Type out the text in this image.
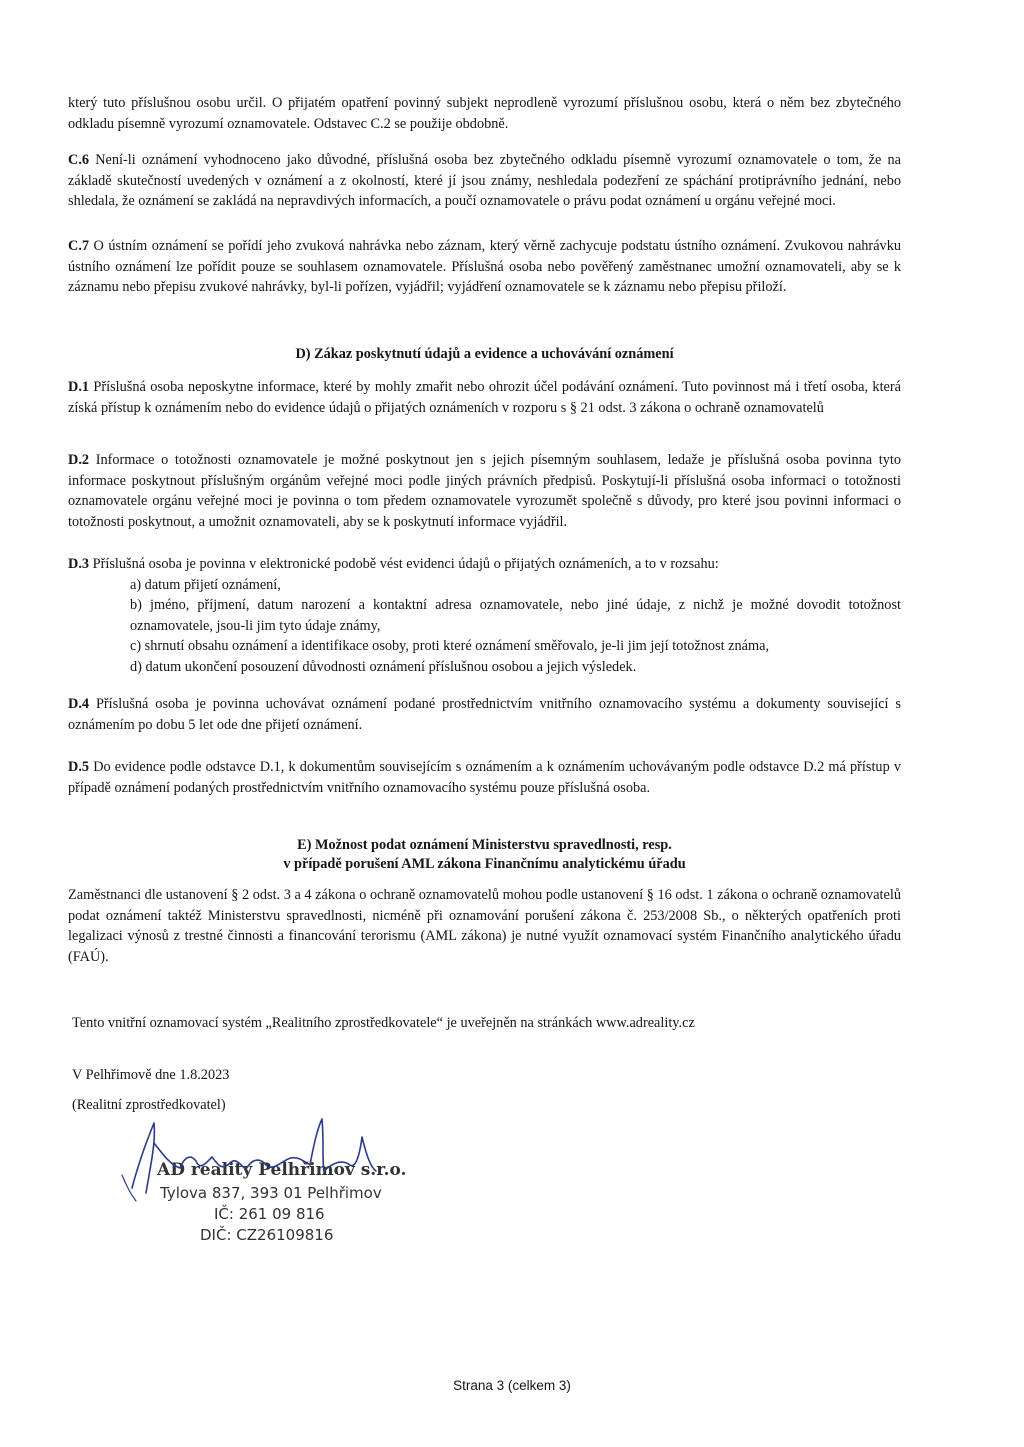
který tuto příslušnou osobu určil. O přijatém opatření povinný subjekt neprodleně vyrozumí příslušnou osobu, která o něm bez zbytečného odkladu písemně vyrozumí oznamovatele. Odstavec C.2 se použije obdobně.

C.6 Není-li oznámení vyhodnoceno jako důvodné, příslušná osoba bez zbytečného odkladu písemně vyrozumí oznamovatele o tom, že na základě skutečností uvedených v oznámení a z okolností, které jí jsou známy, neshledala podezření ze spáchání protiprávního jednání, nebo shledala, že oznámení se zakládá na nepravdivých informacích, a poučí oznamovatele o právu podat oznámení u orgánu veřejné moci.

C.7 O ústním oznámení se pořídí jeho zvuková nahrávka nebo záznam, který věrně zachycuje podstatu ústního oznámení. Zvukovou nahrávku ústního oznámení lze pořídit pouze se souhlasem oznamovatele. Příslušná osoba nebo pověřený zaměstnanec umožní oznamovateli, aby se k záznamu nebo přepisu zvukové nahrávky, byl-li pořízen, vyjádřil; vyjádření oznamovatele se k záznamu nebo přepisu přiloží.

D) Zákaz poskytnutí údajů a evidence a uchovávání oznámení

D.1 Příslušná osoba neposkytne informace, které by mohly zmařit nebo ohrozit účel podávání oznámení. Tuto povinnost má i třetí osoba, která získá přístup k oznámením nebo do evidence údajů o přijatých oznámeních v rozporu s § 21 odst. 3 zákona o ochraně oznamovatelů

D.2 Informace o totožnosti oznamovatele je možné poskytnout jen s jejich písemným souhlasem, ledaže je příslušná osoba povinna tyto informace poskytnout příslušným orgánům veřejné moci podle jiných právních předpisů. Poskytují-li příslušná osoba informaci o totožnosti oznamovatele orgánu veřejné moci je povinna o tom předem oznamovatele vyrozumět společně s důvody, pro které jsou povinni informaci o totožnosti poskytnout, a umožnit oznamovateli, aby se k poskytnutí informace vyjádřil.

D.3 Příslušná osoba je povinna v elektronické podobě vést evidenci údajů o přijatých oznámeních, a to v rozsahu:

a) datum přijetí oznámení,
b) jméno, příjmení, datum narození a kontaktní adresa oznamovatele, nebo jiné údaje, z nichž je možné dovodit totožnost oznamovatele, jsou-li jim tyto údaje známy,
c) shrnutí obsahu oznámení a identifikace osoby, proti které oznámení směřovalo, je-li jim její totožnost známa,
d) datum ukončení posouzení důvodnosti oznámení příslušnou osobou a jejich výsledek.

D.4 Příslušná osoba je povinna uchovávat oznámení podané prostřednictvím vnitřního oznamovacího systému a dokumenty související s oznámením po dobu 5 let ode dne přijetí oznámení.

D.5 Do evidence podle odstavce D.1, k dokumentům souvisejícím s oznámením a k oznámením uchovávaným podle odstavce D.2 má přístup v případě oznámení podaných prostřednictvím vnitřního oznamovacího systému pouze příslušná osoba.

E) Možnost podat oznámení Ministerstvu spravedlnosti, resp.
v případě porušení AML zákona Finančnímu analytickému úřadu

Zaměstnanci dle ustanovení § 2 odst. 3 a 4 zákona o ochraně oznamovatelů mohou podle ustanovení § 16 odst. 1 zákona o ochraně oznamovatelů podat oznámení taktéž Ministerstvu spravedlnosti, nicméně při oznamování porušení zákona č. 253/2008 Sb., o některých opatřeních proti legalizaci výnosů z trestné činnosti a financování terorismu (AML zákona) je nutné využít oznamovací systém Finančního analytického úřadu (FAÚ).

Tento vnitřní oznamovací systém „Realitního zprostředkovatele“ je uveřejněn na stránkách www.adreality.cz
V Pelhřimově dne 1.8.2023
(Realitní zprostředkovatel)
AD reality Pelhřimov s.r.o.
Tylova 837, 393 01 Pelhřimov
IČ: 261 09 816
DIČ: CZ26109816
Strana 3 (celkem 3)
